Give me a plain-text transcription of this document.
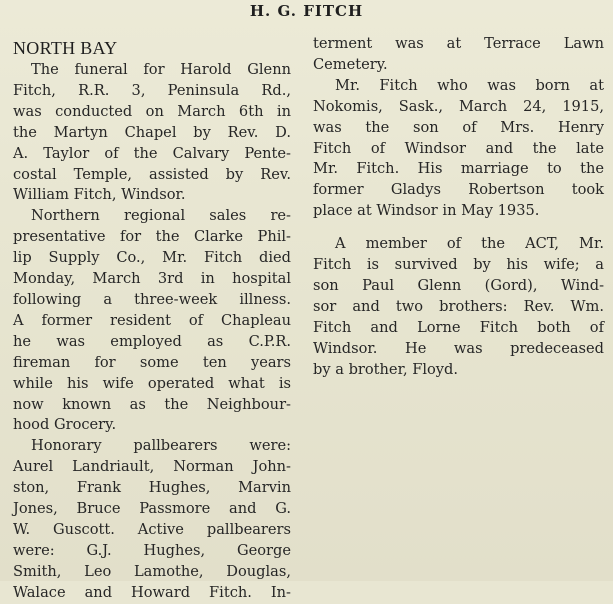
H. G. FITCH

NORTH BAY

The funeral for Harold Glenn
Fitch, R.R. 3, Peninsula Rd.,
was conducted on March 6th in
the Martyn Chapel by Rev. D.
A. Taylor of the Calvary Pente-
costal Temple, assisted by Rev.
William Fitch, Windsor.
Northern regional sales re-
presentative for the Clarke Phil-
lip Supply Co., Mr. Fitch died
Monday, March 3rd in hospital
following a three-week illness.
A former resident of Chapleau
he was employed as C.P.R.
fireman for some ten years
while his wife operated what is
now known as the Neighbour-
hood Grocery.
Honorary pallbearers were:
Aurel Landriault, Norman John-
ston, Frank Hughes, Marvin
Jones, Bruce Passmore and G.
W. Guscott. Active pallbearers
were: G.J. Hughes, George
Smith, Leo Lamothe, Douglas,
Walace and Howard Fitch. In-
terment was at Terrace Lawn
Cemetery.
Mr. Fitch who was born at
Nokomis, Sask., March 24, 1915,
was the son of Mrs. Henry
Fitch of Windsor and the late
Mr. Fitch. His marriage to the
former Gladys Robertson took
place at Windsor in May 1935.
A member of the ACT, Mr.
Fitch is survived by his wife; a
son Paul Glenn (Gord), Wind-
sor and two brothers: Rev. Wm.
Fitch and Lorne Fitch both of
Windsor. He was predeceased
by a brother, Floyd.
